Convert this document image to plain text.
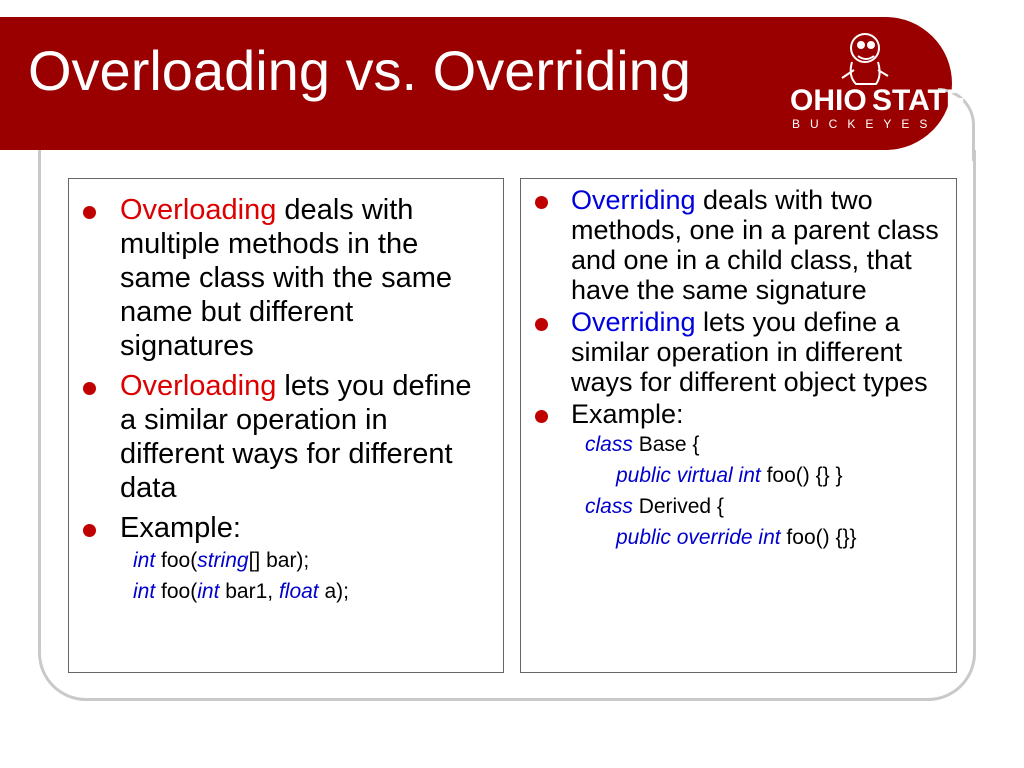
Overloading vs. Overriding	OHIO STATE
BUCKEYES
TM
Overloading deals with multiple methods in the same class with the same name but different signatures
Overloading lets you define a similar operation in different ways for different data
Example:
int foo(string[] bar);
int foo(int bar1, float a);
Overriding deals with two methods, one in a parent class and one in a child class, that have the same signature
Overriding lets you define a similar operation in different ways for different object types
Example:
class Base {
public virtual int foo() {} }
class Derived {
public override int foo() {}}
